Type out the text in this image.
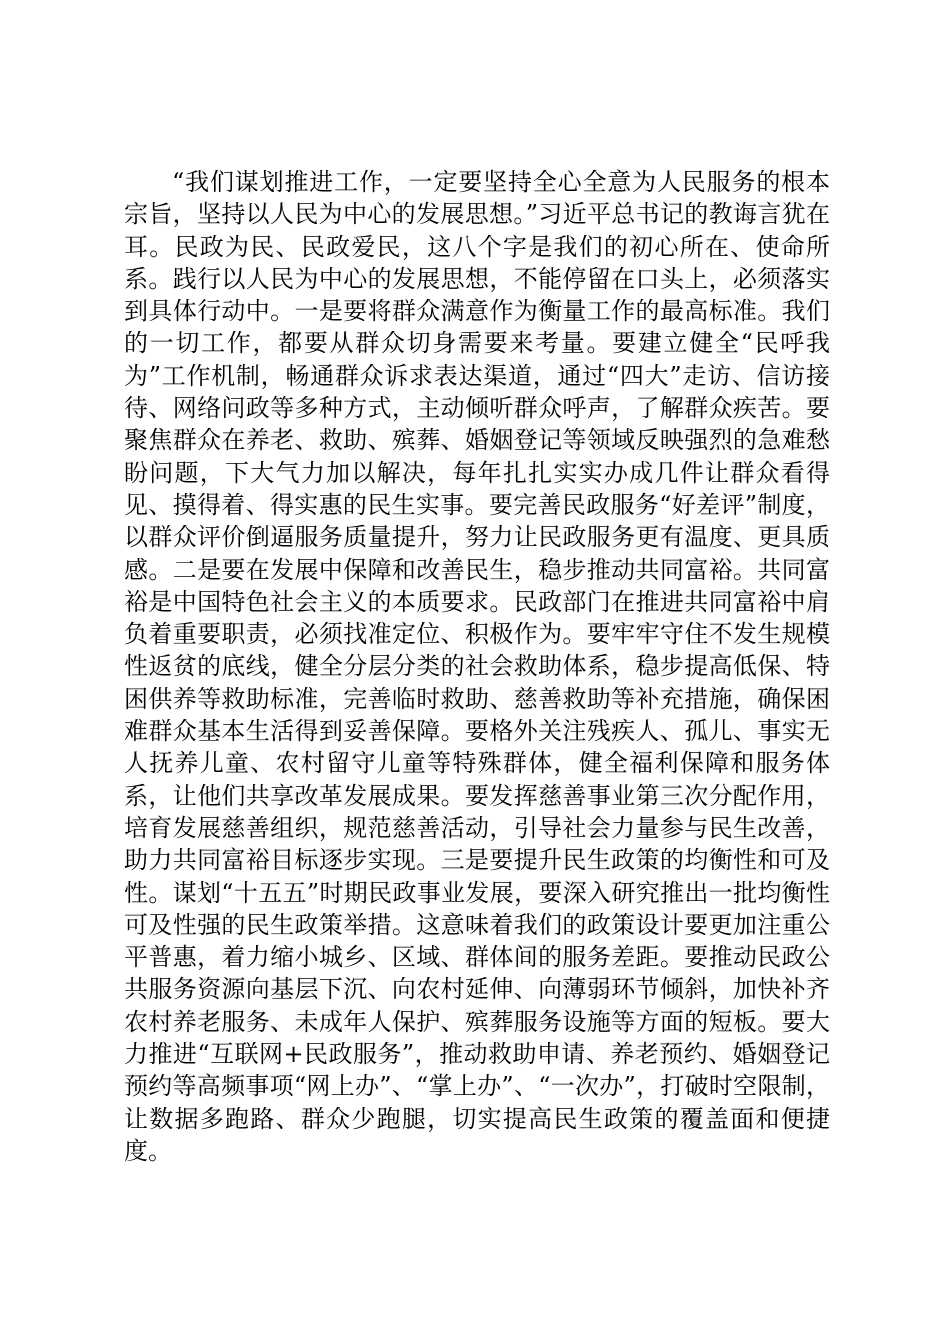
“我们谋划推进工作，一定要坚持全心全意为人民服务的根本宗旨，坚持以人民为中心的发展思想。”习近平总书记的教诲言犹在耳。民政为民、民政爱民，这八个字是我们的初心所在、使命所系。践行以人民为中心的发展思想，不能停留在口头上，必须落实到具体行动中。一是要将群众满意作为衡量工作的最高标准。我们的一切工作，都要从群众切身需要来考量。要建立健全“民呼我为”工作机制，畅通群众诉求表达渠道，通过“四大”走访、信访接待、网络问政等多种方式，主动倾听群众呼声，了解群众疾苦。要聚焦群众在养老、救助、殡葬、婚姻登记等领域反映强烈的急难愁盼问题，下大气力加以解决，每年扎扎实实办成几件让群众看得见、摸得着、得实惠的民生实事。要完善民政服务“好差评”制度，以群众评价倒逼服务质量提升，努力让民政服务更有温度、更具质感。二是要在发展中保障和改善民生，稳步推动共同富裕。共同富裕是中国特色社会主义的本质要求。民政部门在推进共同富裕中肩负着重要职责，必须找准定位、积极作为。要牢牢守住不发生规模性返贫的底线，健全分层分类的社会救助体系，稳步提高低保、特困供养等救助标准，完善临时救助、慈善救助等补充措施，确保困难群众基本生活得到妥善保障。要格外关注残疾人、孤儿、事实无人抚养儿童、农村留守儿童等特殊群体，健全福利保障和服务体系，让他们共享改革发展成果。要发挥慈善事业第三次分配作用，培育发展慈善组织，规范慈善活动，引导社会力量参与民生改善，助力共同富裕目标逐步实现。三是要提升民生政策的均衡性和可及性。谋划“十五五”时期民政事业发展，要深入研究推出一批均衡性可及性强的民生政策举措。这意味着我们的政策设计要更加注重公平普惠，着力缩小城乡、区域、群体间的服务差距。要推动民政公共服务资源向基层下沉、向农村延伸、向薄弱环节倾斜，加快补齐农村养老服务、未成年人保护、殡葬服务设施等方面的短板。要大力推进“互联网+民政服务”，推动救助申请、养老预约、婚姻登记预约等高频事项“网上办”、“掌上办”、“一次办”，打破时空限制，让数据多跑路、群众少跑腿，切实提高民生政策的覆盖面和便捷度。
